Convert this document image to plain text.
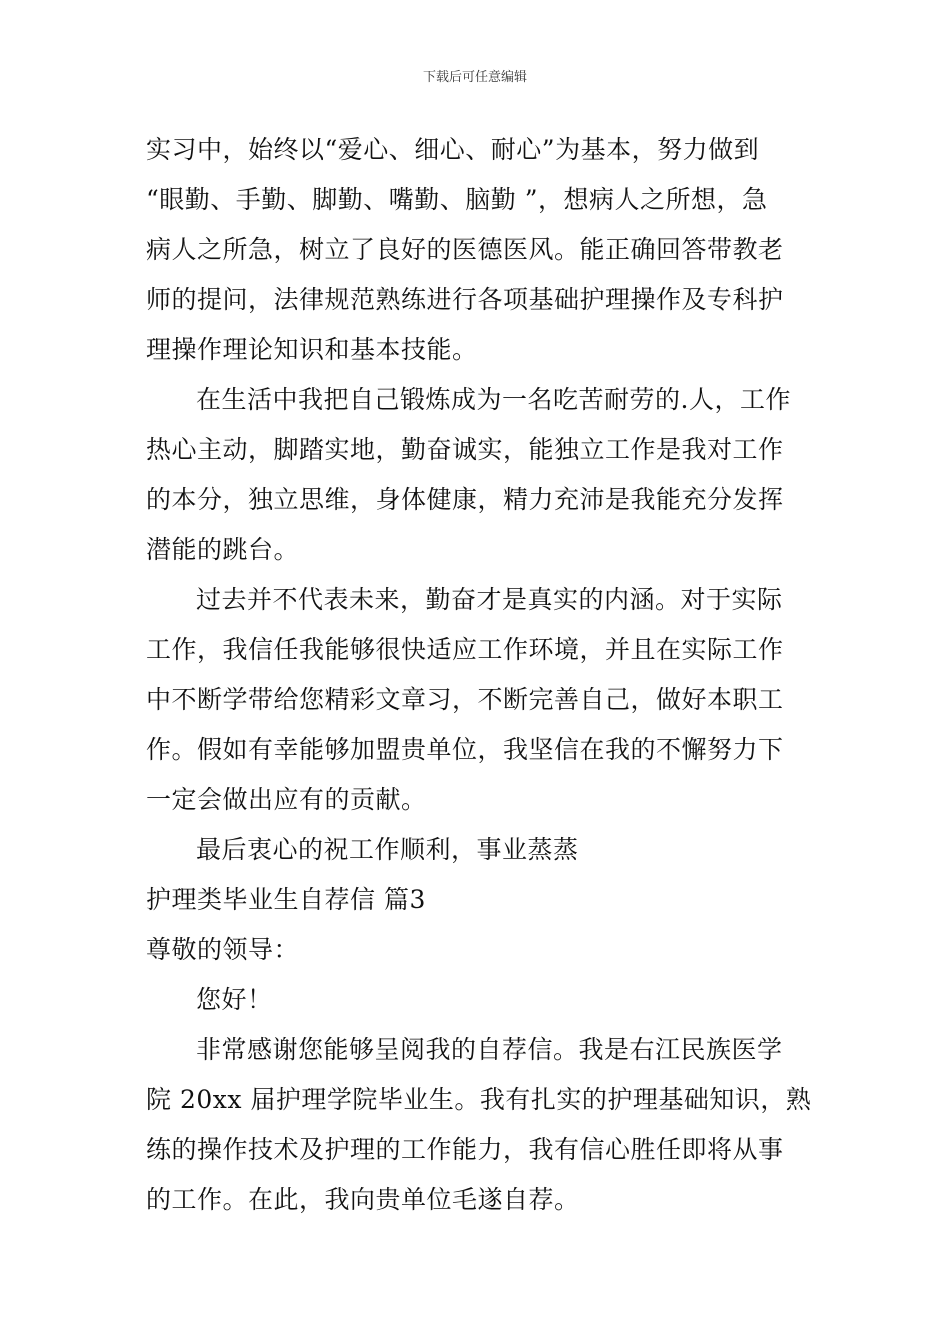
下载后可任意编辑
实习中，始终以“爱心、细心、耐心”为基本，努力做到
“眼勤、手勤、脚勤、嘴勤、脑勤 ”，想病人之所想，急
病人之所急，树立了良好的医德医风。能正确回答带教老
师的提问，法律规范熟练进行各项基础护理操作及专科护
理操作理论知识和基本技能。
在生活中我把自己锻炼成为一名吃苦耐劳的.人，工作
热心主动，脚踏实地，勤奋诚实，能独立工作是我对工作
的本分，独立思维，身体健康，精力充沛是我能充分发挥
潜能的跳台。
过去并不代表未来，勤奋才是真实的内涵。对于实际
工作，我信任我能够很快适应工作环境，并且在实际工作
中不断学带给您精彩文章习，不断完善自己，做好本职工
作。假如有幸能够加盟贵单位，我坚信在我的不懈努力下
一定会做出应有的贡献。
最后衷心的祝工作顺利，事业蒸蒸
护理类毕业生自荐信 篇3
尊敬的领导：
您好！
非常感谢您能够呈阅我的自荐信。我是右江民族医学
院 20xx 届护理学院毕业生。我有扎实的护理基础知识，熟
练的操作技术及护理的工作能力，我有信心胜任即将从事
的工作。在此，我向贵单位毛遂自荐。
